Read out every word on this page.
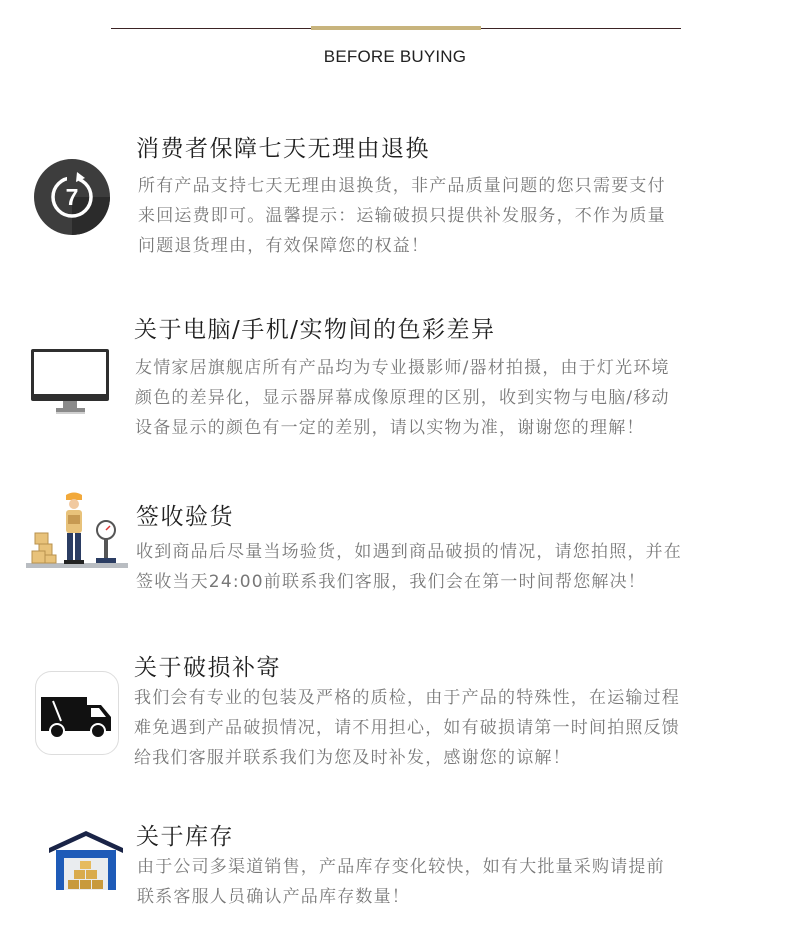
BEFORE BUYING
7
消费者保障七天无理由退换
所有产品支持七天无理由退换货，非产品质量问题的您只需要支付
来回运费即可。温馨提示：运输破损只提供补发服务，不作为质量
问题退货理由，有效保障您的权益！
关于电脑/手机/实物间的色彩差异
友情家居旗舰店所有产品均为专业摄影师/器材拍摄，由于灯光环境
颜色的差异化，显示器屏幕成像原理的区别，收到实物与电脑/移动
设备显示的颜色有一定的差别，请以实物为准，谢谢您的理解！
签收验货
收到商品后尽量当场验货，如遇到商品破损的情况，请您拍照，并在
签收当天24:00前联系我们客服，我们会在第一时间帮您解决！
关于破损补寄
我们会有专业的包装及严格的质检，由于产品的特殊性，在运输过程
难免遇到产品破损情况，请不用担心，如有破损请第一时间拍照反馈
给我们客服并联系我们为您及时补发，感谢您的谅解！
关于库存
由于公司多渠道销售，产品库存变化较快，如有大批量采购请提前
联系客服人员确认产品库存数量！
